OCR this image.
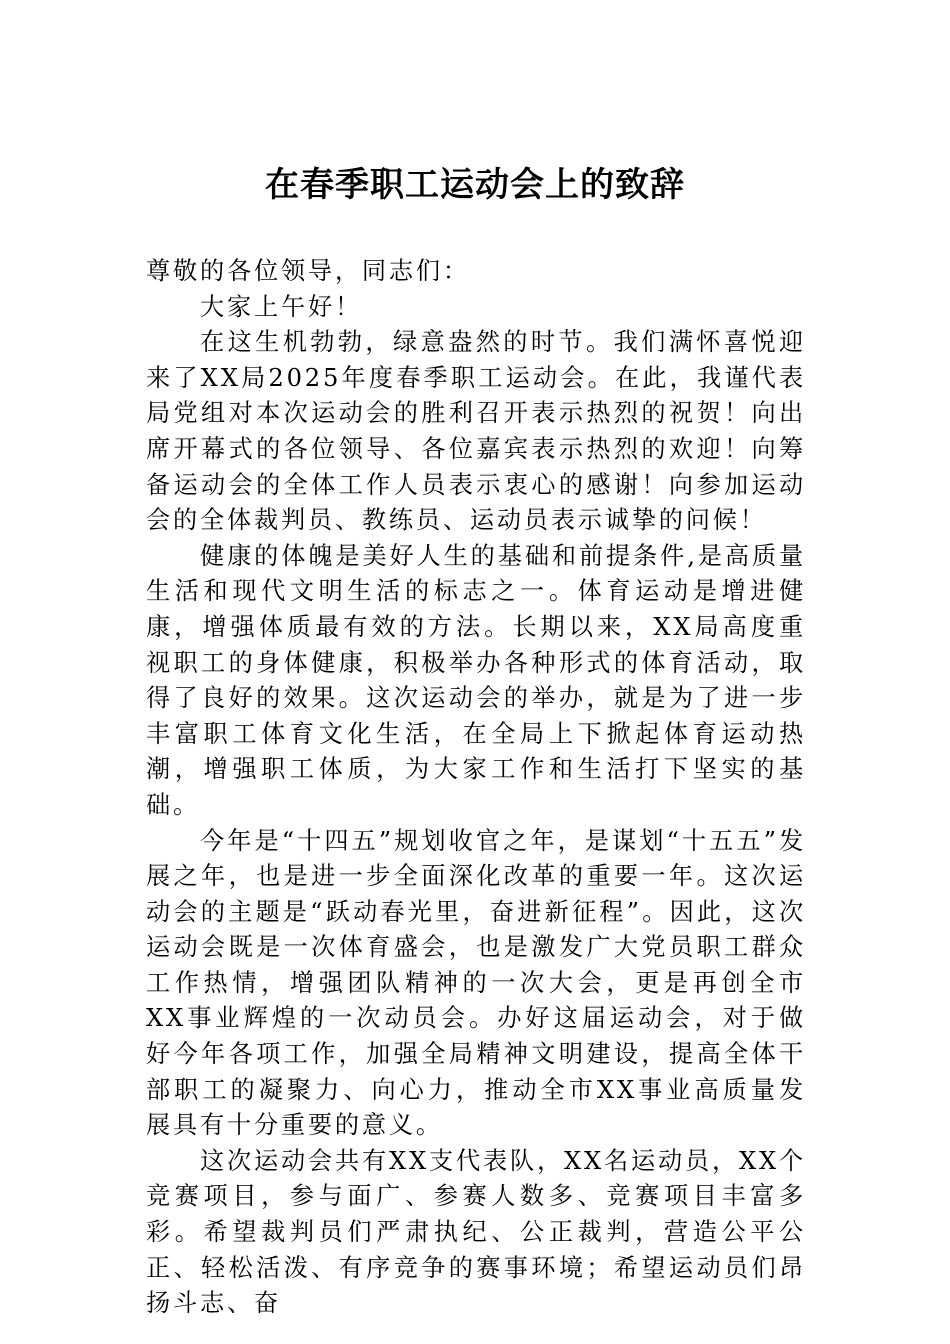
在春季职工运动会上的致辞

尊敬的各位领导，同志们：

大家上午好！

在这生机勃勃，绿意盎然的时节。我们满怀喜悦迎来了XX局2025年度春季职工运动会。在此，我谨代表局党组对本次运动会的胜利召开表示热烈的祝贺！向出席开幕式的各位领导、各位嘉宾表示热烈的欢迎！向筹备运动会的全体工作人员表示衷心的感谢！向参加运动会的全体裁判员、教练员、运动员表示诚挚的问候！

健康的体魄是美好人生的基础和前提条件,是高质量生活和现代文明生活的标志之一。体育运动是增进健康，增强体质最有效的方法。长期以来，XX局高度重视职工的身体健康，积极举办各种形式的体育活动，取得了良好的效果。这次运动会的举办，就是为了进一步丰富职工体育文化生活，在全局上下掀起体育运动热潮，增强职工体质，为大家工作和生活打下坚实的基础。

今年是“十四五”规划收官之年，是谋划“十五五”发展之年，也是进一步全面深化改革的重要一年。这次运动会的主题是“跃动春光里，奋进新征程”。因此，这次运动会既是一次体育盛会，也是激发广大党员职工群众工作热情，增强团队精神的一次大会，更是再创全市XX事业辉煌的一次动员会。办好这届运动会，对于做好今年各项工作，加强全局精神文明建设，提高全体干部职工的凝聚力、向心力，推动全市XX事业高质量发展具有十分重要的意义。

这次运动会共有XX支代表队，XX名运动员，XX个竞赛项目，参与面广、参赛人数多、竞赛项目丰富多彩。希望裁判员们严肃执纪、公正裁判，营造公平公正、轻松活泼、有序竞争的赛事环境；希望运动员们昂扬斗志、奋
